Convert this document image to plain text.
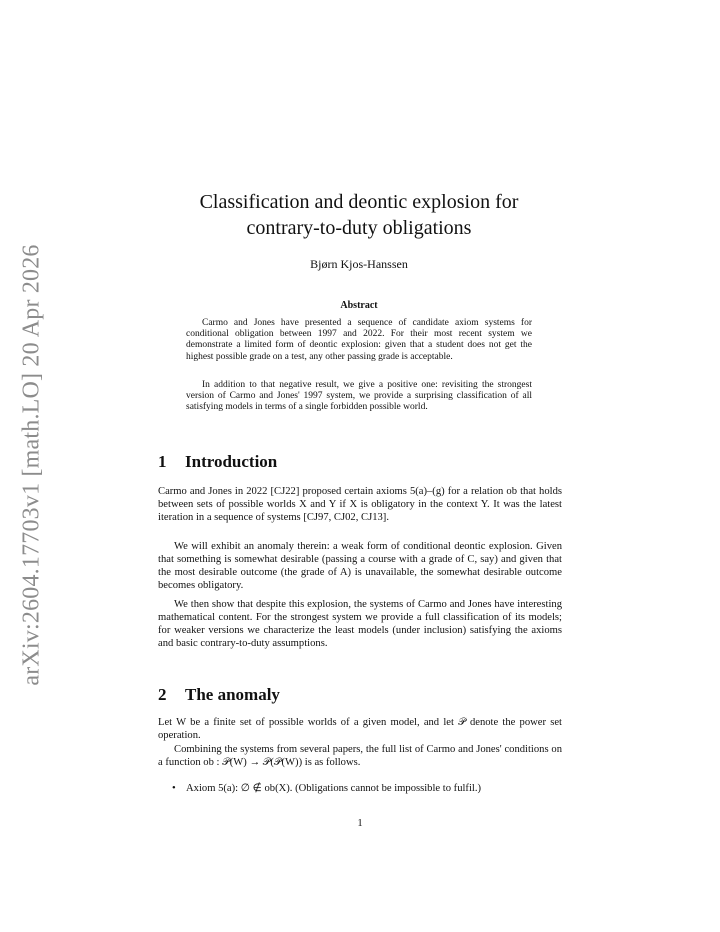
arXiv:2604.17703v1 [math.LO] 20 Apr 2026
Classification and deontic explosion for
contrary-to-duty obligations
Bjørn Kjos-Hanssen
Abstract

Carmo and Jones have presented a sequence of candidate axiom systems for conditional obligation between 1997 and 2022. For their most recent system we demonstrate a limited form of deontic explosion: given that a student does not get the highest possible grade on a test, any other passing grade is acceptable.

In addition to that negative result, we give a positive one: revisiting the strongest version of Carmo and Jones' 1997 system, we provide a surprising classification of all satisfying models in terms of a single forbidden possible world.

1 Introduction

Carmo and Jones in 2022 [CJ22] proposed certain axioms 5(a)–(g) for a relation ob that holds between sets of possible worlds X and Y if X is obligatory in the context Y. It was the latest iteration in a sequence of systems [CJ97, CJ02, CJ13].

We will exhibit an anomaly therein: a weak form of conditional deontic explosion. Given that something is somewhat desirable (passing a course with a grade of C, say) and given that the most desirable outcome (the grade of A) is unavailable, the somewhat desirable outcome becomes obligatory.

We then show that despite this explosion, the systems of Carmo and Jones have interesting mathematical content. For the strongest system we provide a full classification of its models; for weaker versions we characterize the least models (under inclusion) satisfying the axioms and basic contrary-to-duty assumptions.

2 The anomaly

Let W be a finite set of possible worlds of a given model, and let 𝒫 denote the power set operation.

Combining the systems from several papers, the full list of Carmo and Jones' conditions on a function ob : 𝒫(W) → 𝒫(𝒫(W)) is as follows.

• Axiom 5(a): ∅ ∉ ob(X). (Obligations cannot be impossible to fulfil.)
1
